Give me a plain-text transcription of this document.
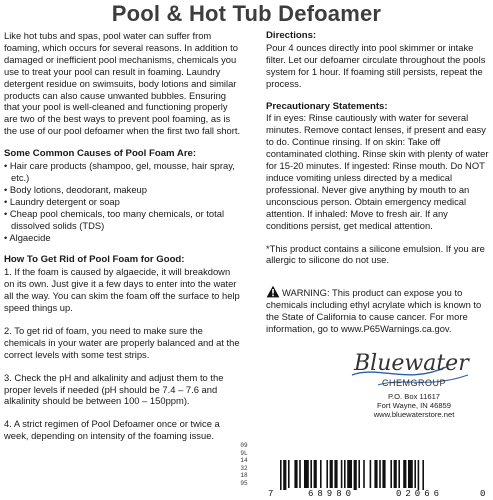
Pool & Hot Tub Defoamer
Like hot tubs and spas, pool water can suffer from foaming, which occurs for several reasons. In addition to damaged or inefficient pool mechanisms, chemicals you use to treat your pool can result in foaming. Laundry detergent residue on swimsuits, body lotions and similar products can also cause unwanted bubbles. Ensuring that your pool is well-cleaned and functioning properly are two of the best ways to prevent pool foaming, as is the use of our pool defoamer when the first two fall short.
Some Common Causes of Pool Foam Are:
• Hair care products (shampoo, gel, mousse, hair spray, etc.)
• Body lotions, deodorant, makeup
• Laundry detergent or soap
• Cheap pool chemicals, too many chemicals, or total dissolved solids (TDS)
• Algaecide
How To Get Rid of Pool Foam for Good:
1. If the foam is caused by algaecide, it will breakdown on its own. Just give it a few days to enter into the water all the way. You can skim the foam off the surface to help speed things up.
2. To get rid of foam, you need to make sure the chemicals in your water are properly balanced and at the correct levels with some test strips.
3. Check the pH and alkalinity and adjust them to the proper levels if needed (pH should be 7.4 – 7.6 and alkalinity should be between 100 – 150ppm).
4. A strict regimen of Pool Defoamer once or twice a week, depending on intensity of the foaming issue.
Directions:
Pour 4 ounces directly into pool skimmer or intake filter. Let our defoamer circulate throughout the pools system for 1 hour. If foaming still persists, repeat the process.
Precautionary Statements:
If in eyes: Rinse cautiously with water for several minutes. Remove contact lenses, if present and easy to do. Continue rinsing. If on skin: Take off contaminated clothing. Rinse skin with plenty of water for 15-20 minutes. If ingested: Rinse mouth. Do NOT induce vomiting unless directed by a medical professional. Never give anything by mouth to an unconscious person. Obtain emergency medical attention. If inhaled: Move to fresh air. If any conditions persist, get medical attention.
*This product contains a silicone emulsion. If you are allergic to silicone do not use.
WARNING: This product can expose you to chemicals including ethyl acrylate which is known to the State of California to cause cancer. For more information, go to www.P65Warnings.ca.gov.
Bluewater
CHEMGROUP
P.O. Box 11617
Fort Wayne, IN 46859
www.bluewaterstore.net
09
9L
14
32
18
95
7	68980	02066	0
